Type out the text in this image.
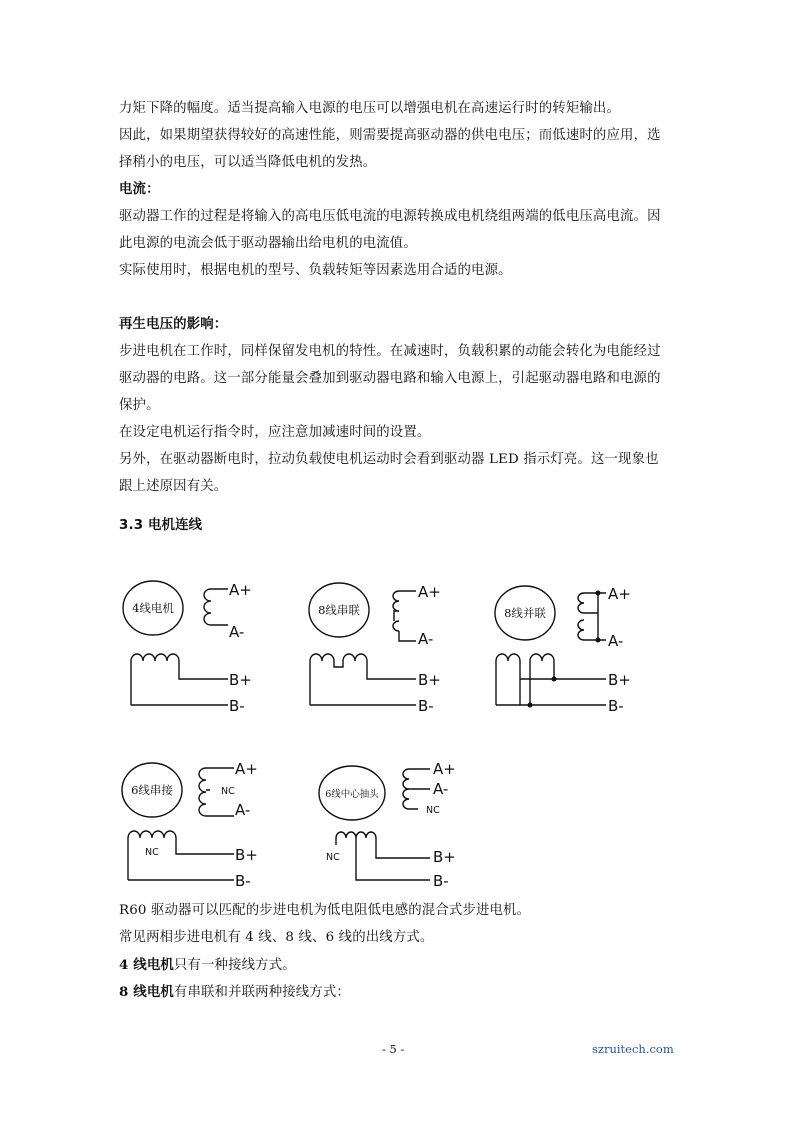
力矩下降的幅度。适当提高输入电源的电压可以增强电机在高速运行时的转矩输出。
因此，如果期望获得较好的高速性能，则需要提高驱动器的供电电压；而低速时的应用，选
择稍小的电压，可以适当降低电机的发热。
电流：
驱动器工作的过程是将输入的高电压低电流的电源转换成电机绕组两端的低电压高电流。因
此电源的电流会低于驱动器输出给电机的电流值。
实际使用时，根据电机的型号、负载转矩等因素选用合适的电源。
再生电压的影响：
步进电机在工作时，同样保留发电机的特性。在减速时，负载积累的动能会转化为电能经过
驱动器的电路。这一部分能量会叠加到驱动器电路和输入电源上，引起驱动器电路和电源的
保护。
在设定电机运行指令时，应注意加减速时间的设置。
另外，在驱动器断电时，拉动负载使电机运动时会看到驱动器 LED 指示灯亮。这一现象也
跟上述原因有关。
3.3 电机连线
4线电机
A+
A-
B+
B-
8线串联
A+
A-
B+
B-
8线并联
A+
A-
B+
B-
6线串接
A+
NC
A-
NC	B+
B-
6线中心抽头
A+
A-
NC
NC	B+
B-
R60 驱动器可以匹配的步进电机为低电阻低电感的混合式步进电机。
常见两相步进电机有 4 线、8 线、6 线的出线方式。
4 线电机只有一种接线方式。
8 线电机有串联和并联两种接线方式：
- 5 -	szruitech.com
